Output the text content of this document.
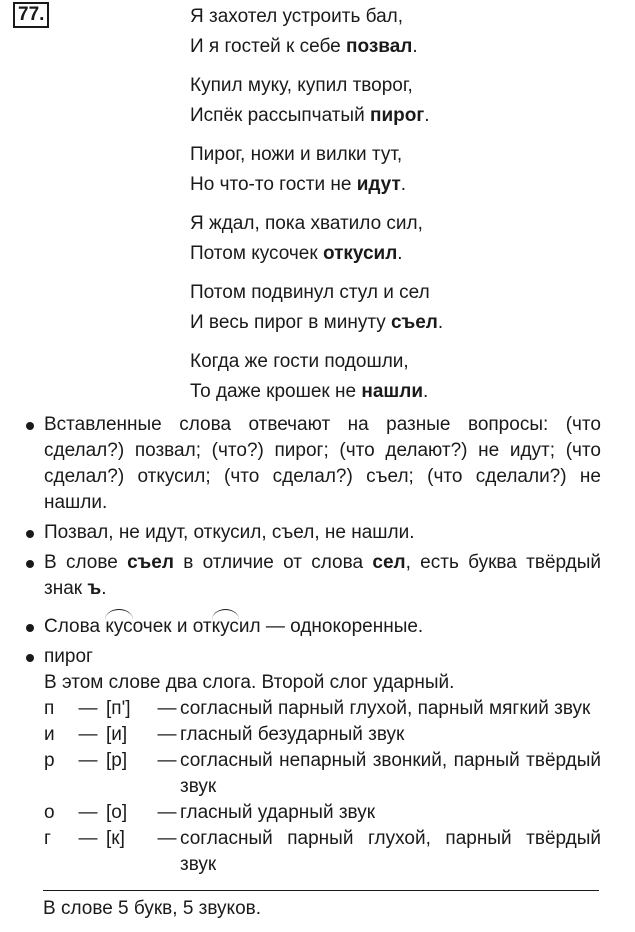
77.	Я захотел устроить бал,
И я гостей к себе позвал.
Купил муку, купил творог,
Испёк рассыпчатый пирог.
Пирог, ножи и вилки тут,
Но что-то гости не идут.
Я ждал, пока хватило сил,
Потом кусочек откусил.
Потом подвинул стул и сел
И весь пирог в минуту съел.
Когда же гости подошли,
То даже крошек не нашли.
Вставленные слова отвечают на разные вопросы: (что сделал?) позвал; (что?) пирог; (что делают?) не идут; (что сделал?) откусил; (что сделал?) съел; (что сделали?) не нашли.
Позвал, не идут, откусил, съел, не нашли.
В слове съел в отличие от слова сел, есть буква твёрдый знак ъ.
Слова кусочек и откусил — однокоренные.
пирог
В этом слове два слога. Второй слог ударный.
п	— [п']	— согласный парный глухой, парный мягкий звук
и	— [и]	— гласный безударный звук
р	— [р]	— согласный непарный звонкий, парный твёрдый звук
о	— [о]	— гласный ударный звук
г	— [к]	— согласный парный глухой, парный твёрдый звук
В слове 5 букв, 5 звуков.
